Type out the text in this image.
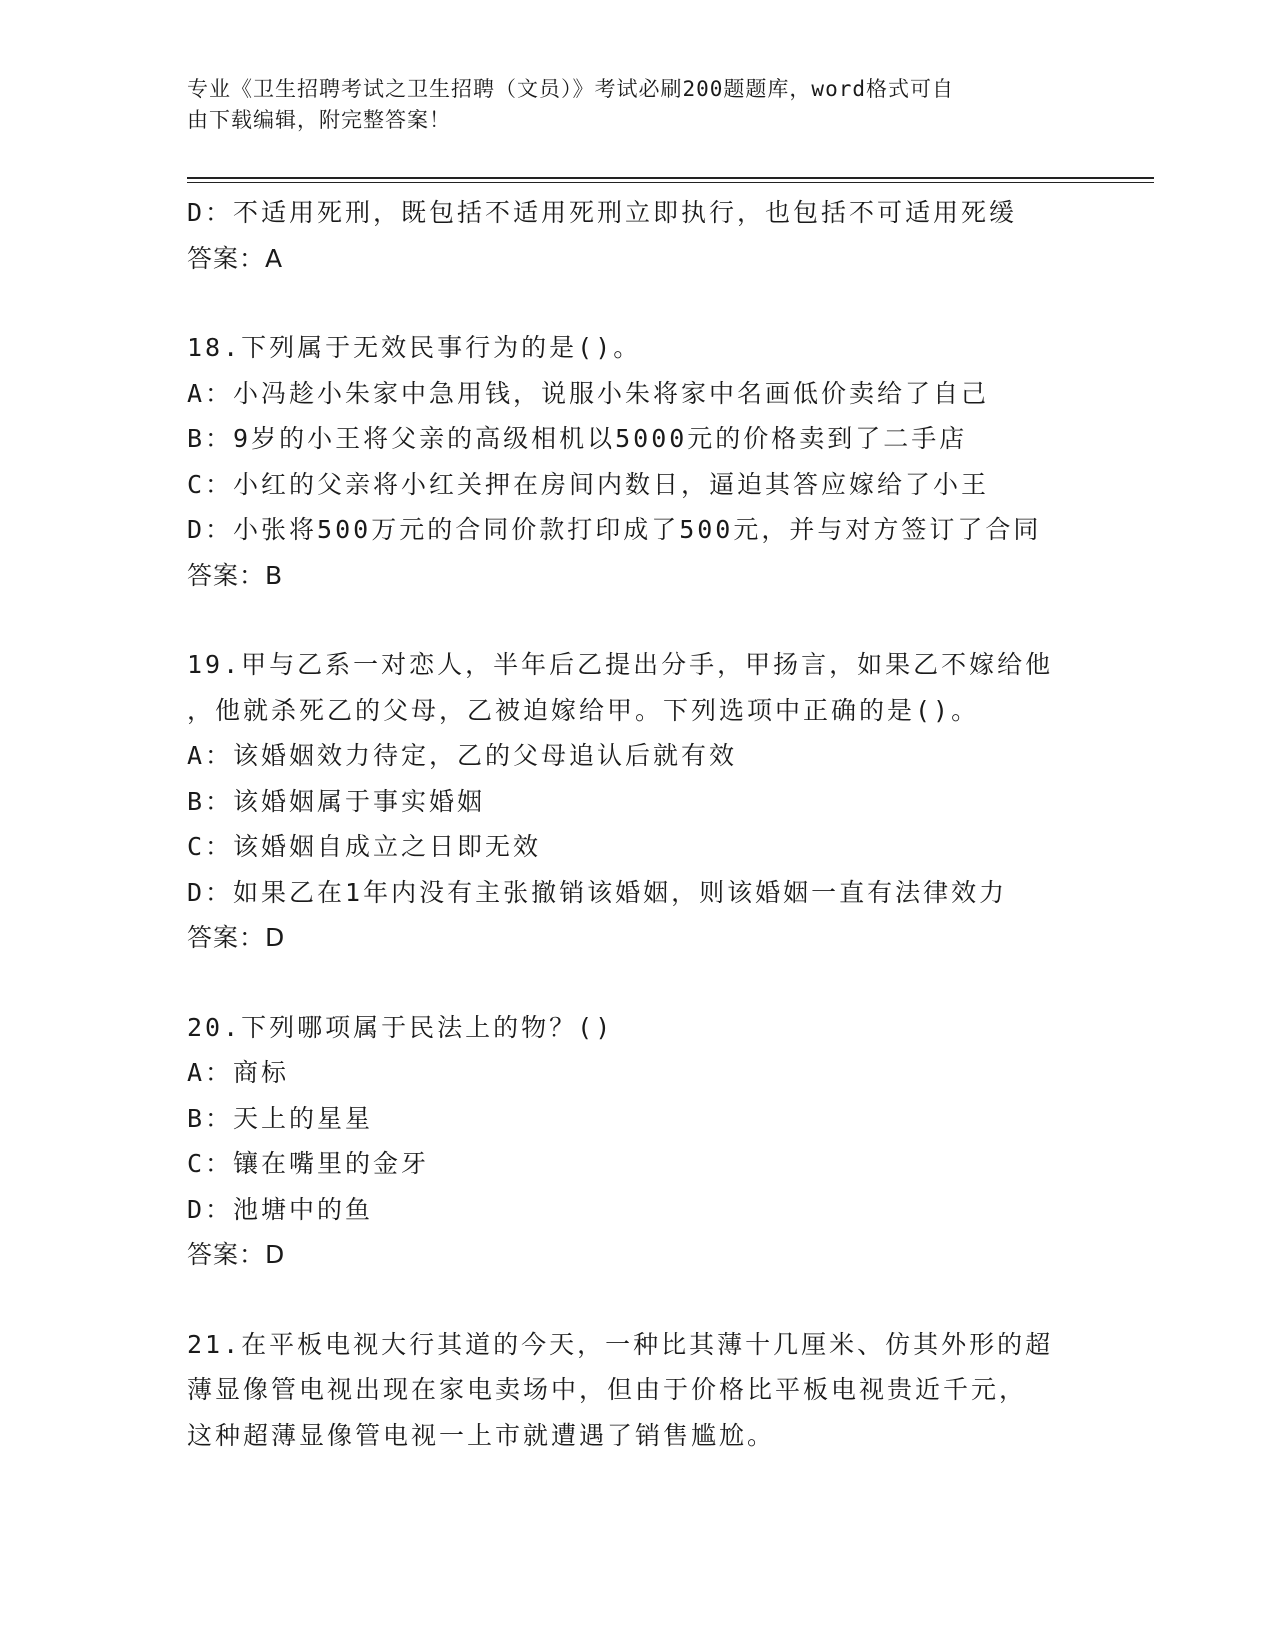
专业《卫生招聘考试之卫生招聘（文员）》考试必刷200题题库，word格式可自
由下载编辑，附完整答案！
D：不适用死刑，既包括不适用死刑立即执行，也包括不可适用死缓
答案：A
18.下列属于无效民事行为的是()。
A：小冯趁小朱家中急用钱，说服小朱将家中名画低价卖给了自己
B：9岁的小王将父亲的高级相机以5000元的价格卖到了二手店
C：小红的父亲将小红关押在房间内数日，逼迫其答应嫁给了小王
D：小张将500万元的合同价款打印成了500元，并与对方签订了合同
答案：B
19.甲与乙系一对恋人，半年后乙提出分手，甲扬言，如果乙不嫁给他
，他就杀死乙的父母，乙被迫嫁给甲。下列选项中正确的是()。
A：该婚姻效力待定，乙的父母追认后就有效
B：该婚姻属于事实婚姻
C：该婚姻自成立之日即无效
D：如果乙在1年内没有主张撤销该婚姻，则该婚姻一直有法律效力
答案：D
20.下列哪项属于民法上的物？()
A：商标
B：天上的星星
C：镶在嘴里的金牙
D：池塘中的鱼
答案：D
21.在平板电视大行其道的今天，一种比其薄十几厘米、仿其外形的超
薄显像管电视出现在家电卖场中，但由于价格比平板电视贵近千元，
这种超薄显像管电视一上市就遭遇了销售尴尬。
